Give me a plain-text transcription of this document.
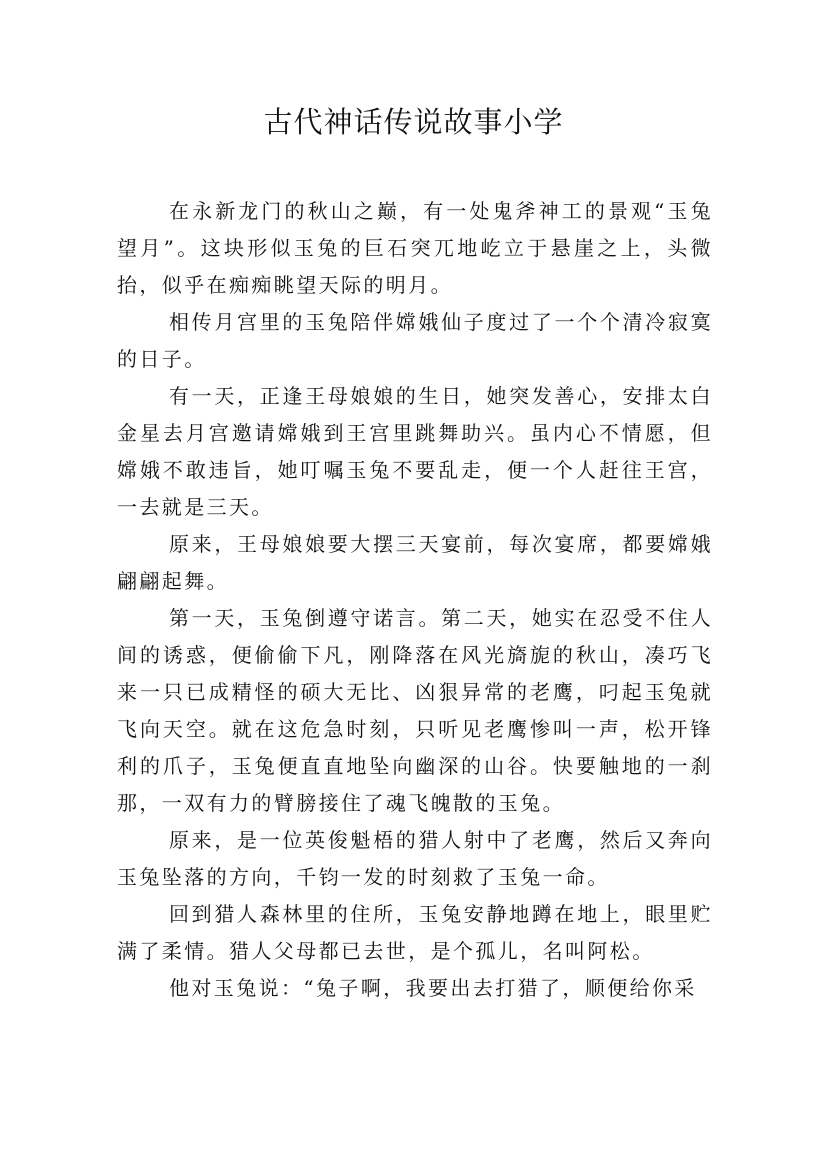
古代神话传说故事小学

在永新龙门的秋山之巅，有一处鬼斧神工的景观“玉兔望月”。这块形似玉兔的巨石突兀地屹立于悬崖之上，头微抬，似乎在痴痴眺望天际的明月。

相传月宫里的玉兔陪伴嫦娥仙子度过了一个个清冷寂寞的日子。

有一天，正逢王母娘娘的生日，她突发善心，安排太白金星去月宫邀请嫦娥到王宫里跳舞助兴。虽内心不情愿，但嫦娥不敢违旨，她叮嘱玉兔不要乱走，便一个人赶往王宫，一去就是三天。

原来，王母娘娘要大摆三天宴前，每次宴席，都要嫦娥翩翩起舞。

第一天，玉兔倒遵守诺言。第二天，她实在忍受不住人间的诱惑，便偷偷下凡，刚降落在风光旖旎的秋山，凑巧飞来一只已成精怪的硕大无比、凶狠异常的老鹰，叼起玉兔就飞向天空。就在这危急时刻，只听见老鹰惨叫一声，松开锋利的爪子，玉兔便直直地坠向幽深的山谷。快要触地的一刹那，一双有力的臂膀接住了魂飞魄散的玉兔。

原来，是一位英俊魁梧的猎人射中了老鹰，然后又奔向玉兔坠落的方向，千钧一发的时刻救了玉兔一命。

回到猎人森林里的住所，玉兔安静地蹲在地上，眼里贮满了柔情。猎人父母都已去世，是个孤儿，名叫阿松。

他对玉兔说：“兔子啊，我要出去打猎了，顺便给你采
